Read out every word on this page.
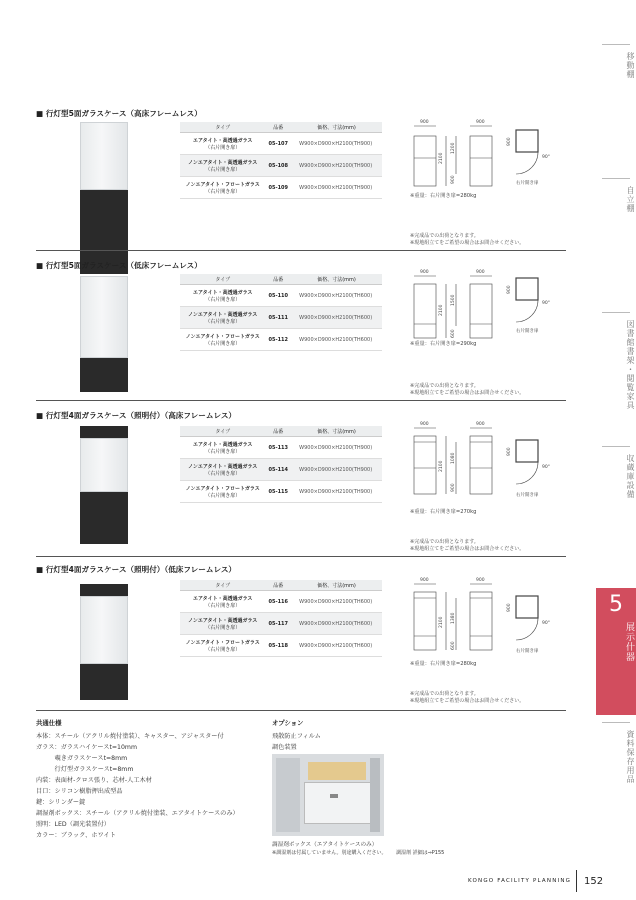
移動棚
自立棚
図書館書架・閲覧家具
収蔵庫設備
5
展示什器
資料保存用品
■ 行灯型5面ガラスケース（高床フレームレス）
タイプ	品番	価格、寸法(mm)

エアタイト・高透過ガラス
（右片開き扉）	05-107	W900×D900×H2100(TH900)

ノンエアタイト・高透過ガラス
（右片開き扉）	05-108	W900×D900×H2100(TH900)

ノンエアタイト・フロートガラス
（右片開き扉）	05-109	W900×D900×H2100(TH900)
900	900
2100
1200
900
900
90°
右片開き扉
※重量：右片開き扉=280kg
※完成品での出荷となります。
※現地組立てをご希望の場合はお問合せください。
■ 行灯型5面ガラスケース（低床フレームレス）
タイプ	品番	価格、寸法(mm)

エアタイト・高透過ガラス
（右片開き扉）	05-110	W900×D900×H2100(TH600)

ノンエアタイト・高透過ガラス
（右片開き扉）	05-111	W900×D900×H2100(TH600)

ノンエアタイト・フロートガラス
（右片開き扉）	05-112	W900×D900×H2100(TH600)
900	900
2100
1500
600
900
90°
右片開き扉
※重量：右片開き扉=290kg
※完成品での出荷となります。
※現地組立てをご希望の場合はお問合せください。
■ 行灯型4面ガラスケース（照明付）（高床フレームレス）
タイプ	品番	価格、寸法(mm)

エアタイト・高透過ガラス
（右片開き扉）	05-113	W900×D900×H2100(TH900)

ノンエアタイト・高透過ガラス
（右片開き扉）	05-114	W900×D900×H2100(TH900)

ノンエアタイト・フロートガラス
（右片開き扉）	05-115	W900×D900×H2100(TH900)
900	900
2100
1080
900
900
90°
右片開き扉
※重量：右片開き扉=270kg
※完成品での出荷となります。
※現地組立てをご希望の場合はお問合せください。
■ 行灯型4面ガラスケース（照明付）（低床フレームレス）
タイプ	品番	価格、寸法(mm)

エアタイト・高透過ガラス
（右片開き扉）	05-116	W900×D900×H2100(TH600)

ノンエアタイト・高透過ガラス
（右片開き扉）	05-117	W900×D900×H2100(TH600)

ノンエアタイト・フロートガラス
（右片開き扉）	05-118	W900×D900×H2100(TH600)
900	900
2100 1380
600
900
90°
右片開き扉
※重量：右片開き扉=280kg
※完成品での出荷となります。
※現地組立てをご希望の場合はお問合せください。
共通仕様
本体：スチール（アクリル焼付塗装）、キャスター、アジャスター付
ガラス：ガラスハイケースt=10mm
　　　覗きガラスケースt=8mm
　　　行灯型ガラスケースt=8mm
内装：表面材-クロス張り、芯材-人工木材
目口：シリコン樹脂押出成型品
鍵：シリンダー錠
調湿剤ボックス：スチール（アクリル焼付塗装、エアタイトケースのみ）
照明：LED（調光装置付）
カラー：ブラック、ホワイト
オプション
飛散防止フィルム
調色装置
調湿剤ボックス（エアタイトケースのみ）
※調湿剤は付属していません。別途購入ください。 調湿剤 詳細は⇒P155
KONGO FACILITY PLANNING 152
